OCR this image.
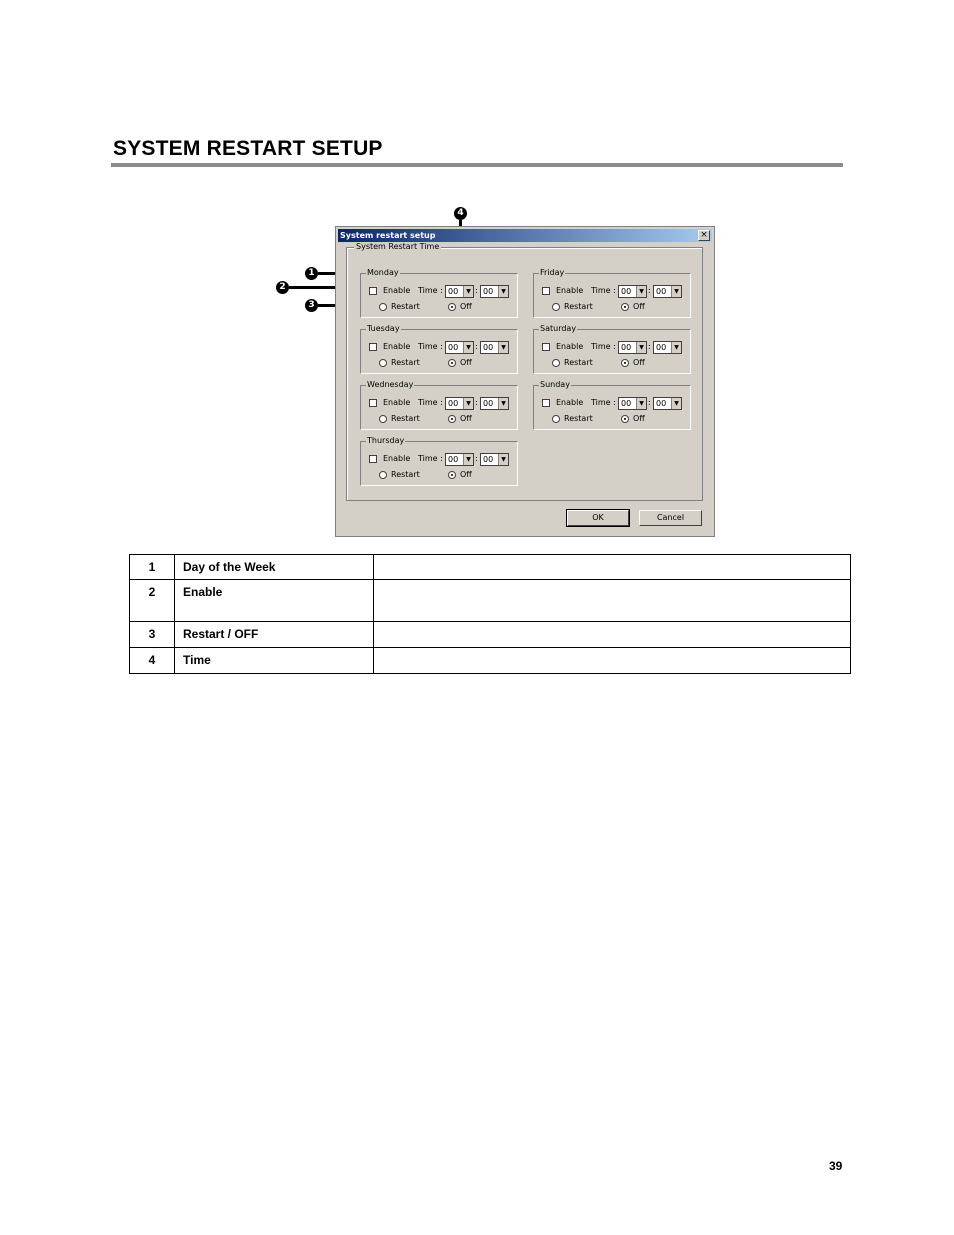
SYSTEM RESTART SETUP
4
1
2
3
System restart setup	×
System Restart Time
Monday
Enable Time : 00	▼ : 00	▼
Restart	Off
Tuesday
Enable Time : 00	▼ : 00	▼
Restart	Off
Wednesday
Enable Time : 00	▼ : 00	▼
Restart	Off
Thursday
Enable Time : 00	▼ : 00	▼
Restart	Off
Friday
Enable Time : 00	▼ : 00	▼
Restart	Off
Saturday
Enable Time : 00	▼ : 00	▼
Restart	Off
Sunday
Enable Time : 00	▼ : 00	▼
Restart	Off
OK	Cancel
1	Day of the Week	
2	Enable	
3	Restart / OFF	
4	Time	
39
